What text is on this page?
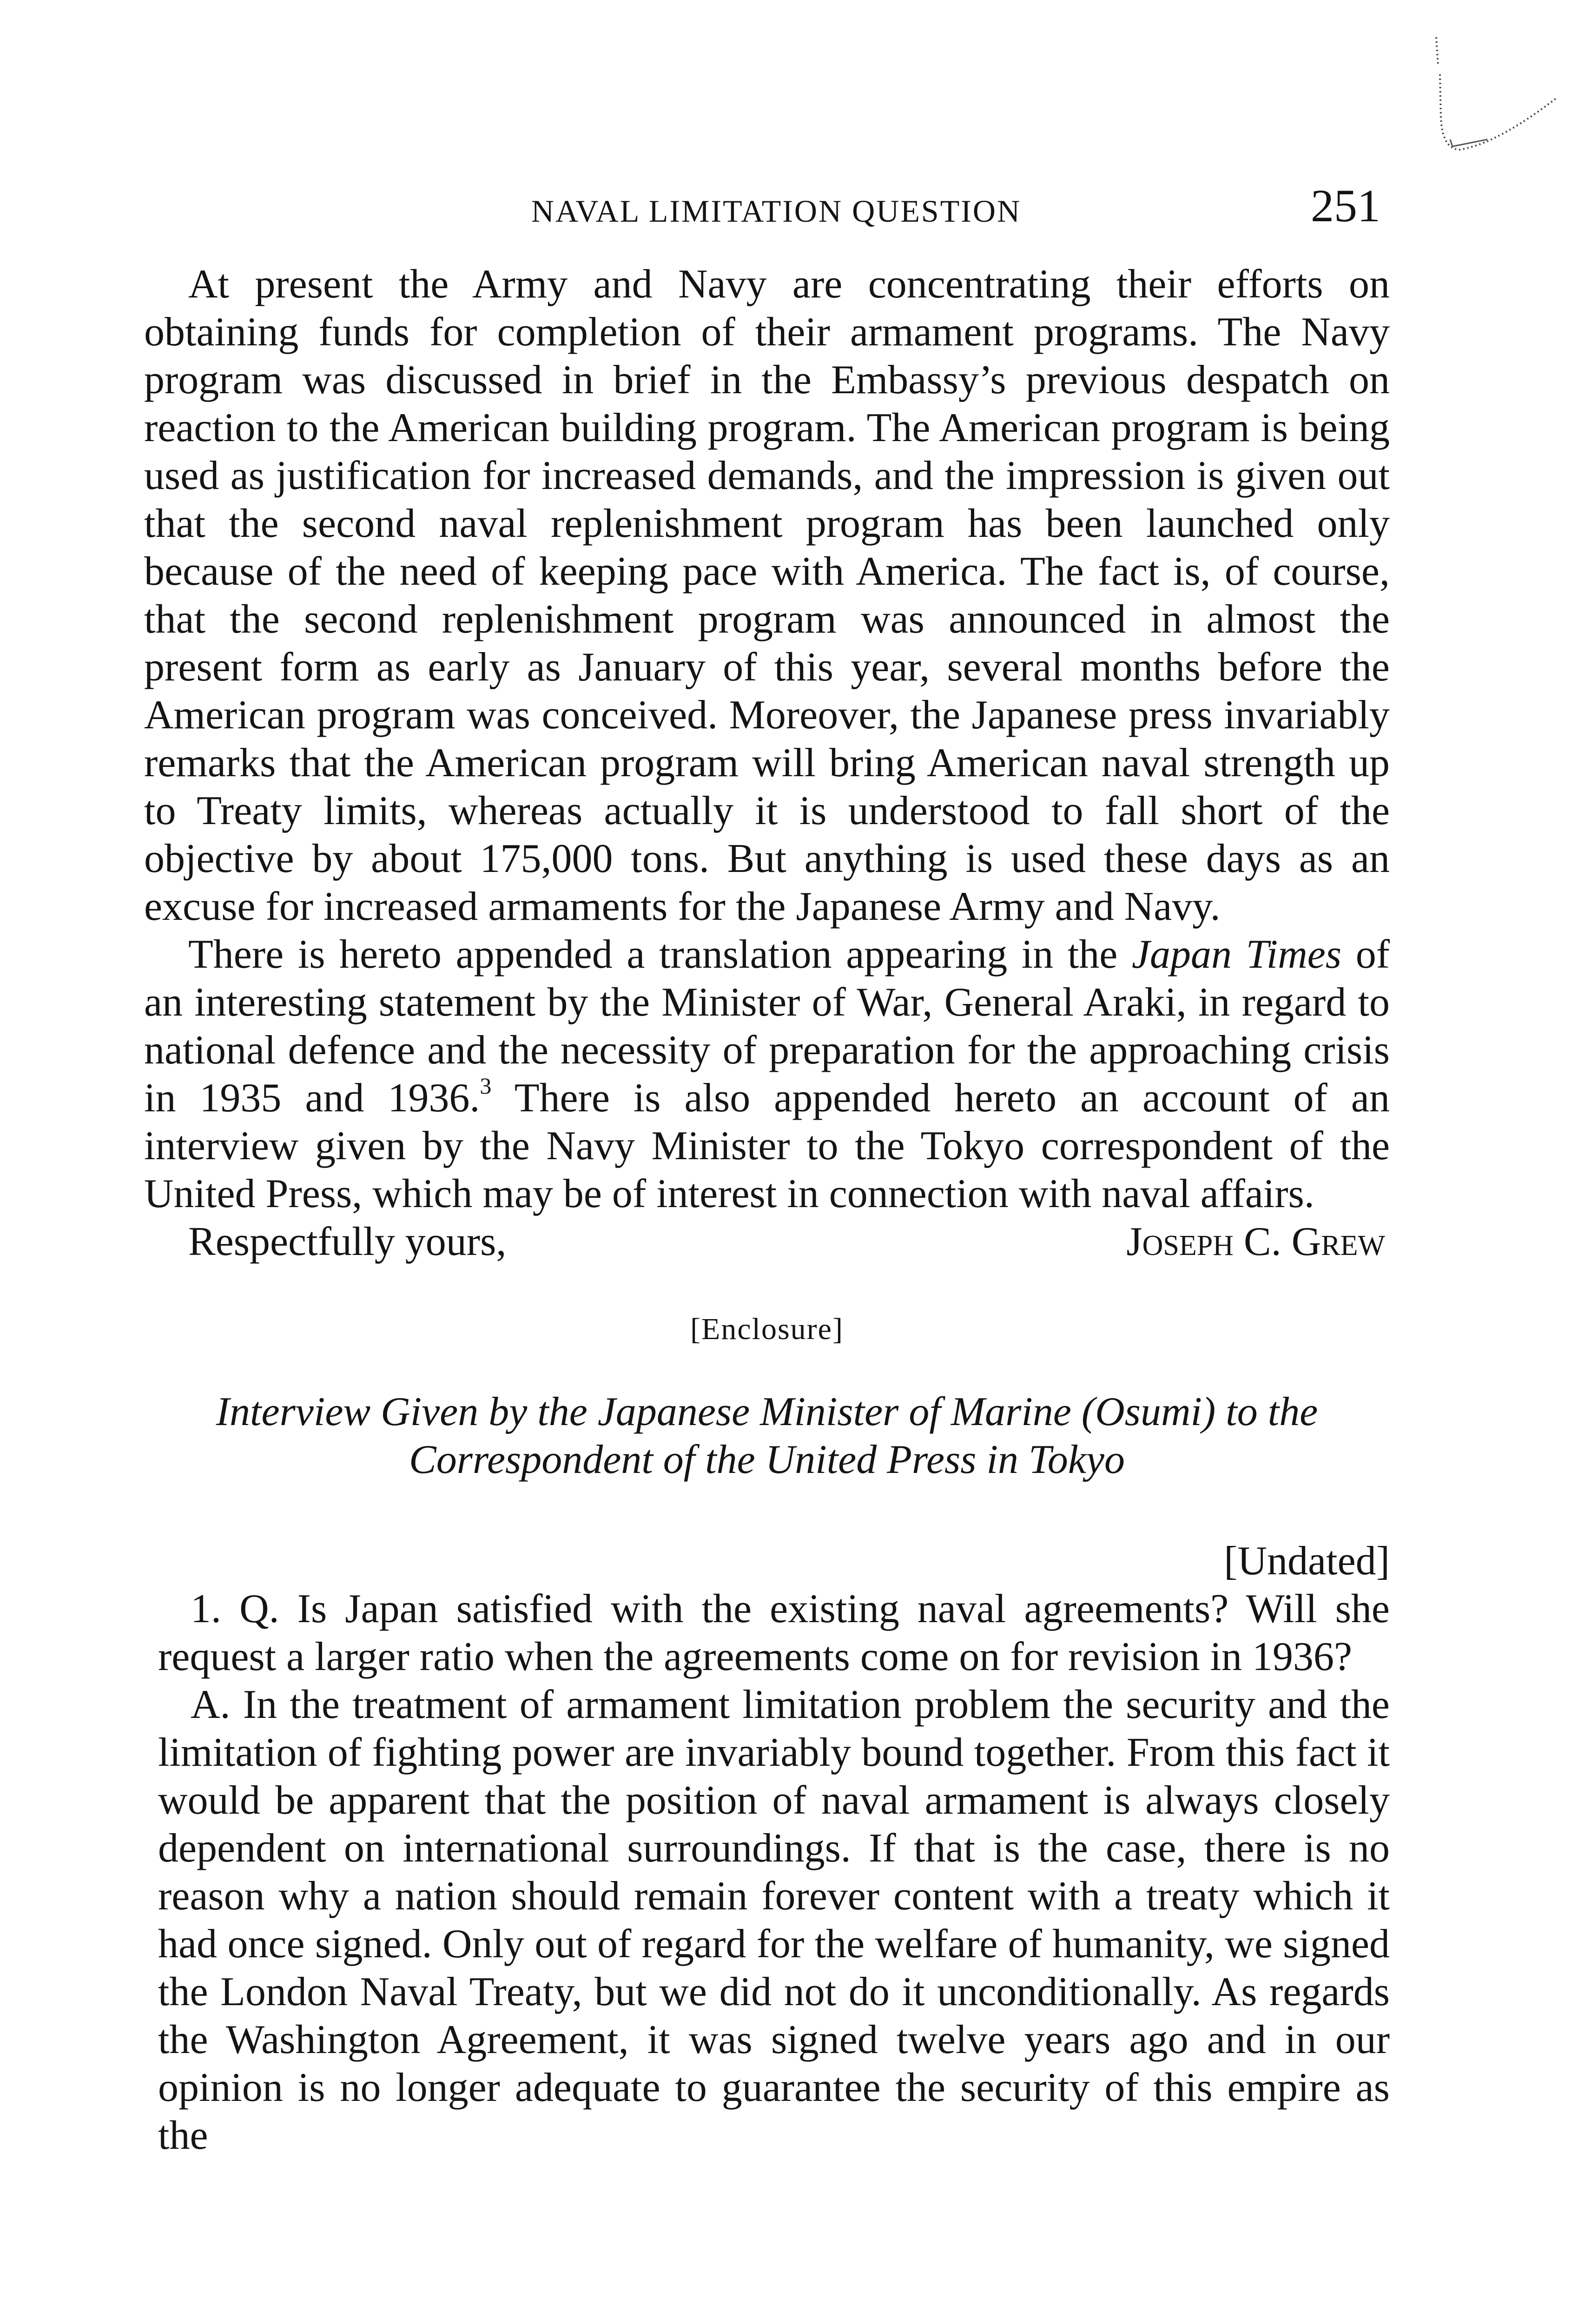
NAVAL LIMITATION QUESTION	251

At present the Army and Navy are concentrating their efforts on obtaining funds for completion of their armament programs. The Navy program was discussed in brief in the Embassy’s previous despatch on reaction to the American building program. The American program is being used as justification for increased demands, and the impression is given out that the second naval replenishment program has been launched only because of the need of keeping pace with America. The fact is, of course, that the second replenishment program was announced in almost the present form as early as January of this year, several months before the American program was conceived. Moreover, the Japanese press invariably remarks that the American program will bring American naval strength up to Treaty limits, whereas actually it is understood to fall short of the objective by about 175,000 tons. But anything is used these days as an excuse for increased armaments for the Japanese Army and Navy.

There is hereto appended a translation appearing in the Japan Times of an interesting statement by the Minister of War, General Araki, in regard to national defence and the necessity of preparation for the approaching crisis in 1935 and 1936.$^3$ There is also appended hereto an account of an interview given by the Navy Minister to the Tokyo correspondent of the United Press, which may be of interest in connection with naval affairs.

Respectfully yours,	Joseph C. Grew
[Enclosure]
Interview Given by the Japanese Minister of Marine (Osumi) to the Correspondent of the United Press in Tokyo
[Undated]

1. Q. Is Japan satisfied with the existing naval agreements? Will she request a larger ratio when the agreements come on for revision in 1936?

A. In the treatment of armament limitation problem the security and the limitation of fighting power are invariably bound together. From this fact it would be apparent that the position of naval armament is always closely dependent on international surroundings. If that is the case, there is no reason why a nation should remain forever content with a treaty which it had once signed. Only out of regard for the welfare of humanity, we signed the London Naval Treaty, but we did not do it unconditionally. As regards the Washington Agreement, it was signed twelve years ago and in our opinion is no longer adequate to guarantee the security of this empire as the
